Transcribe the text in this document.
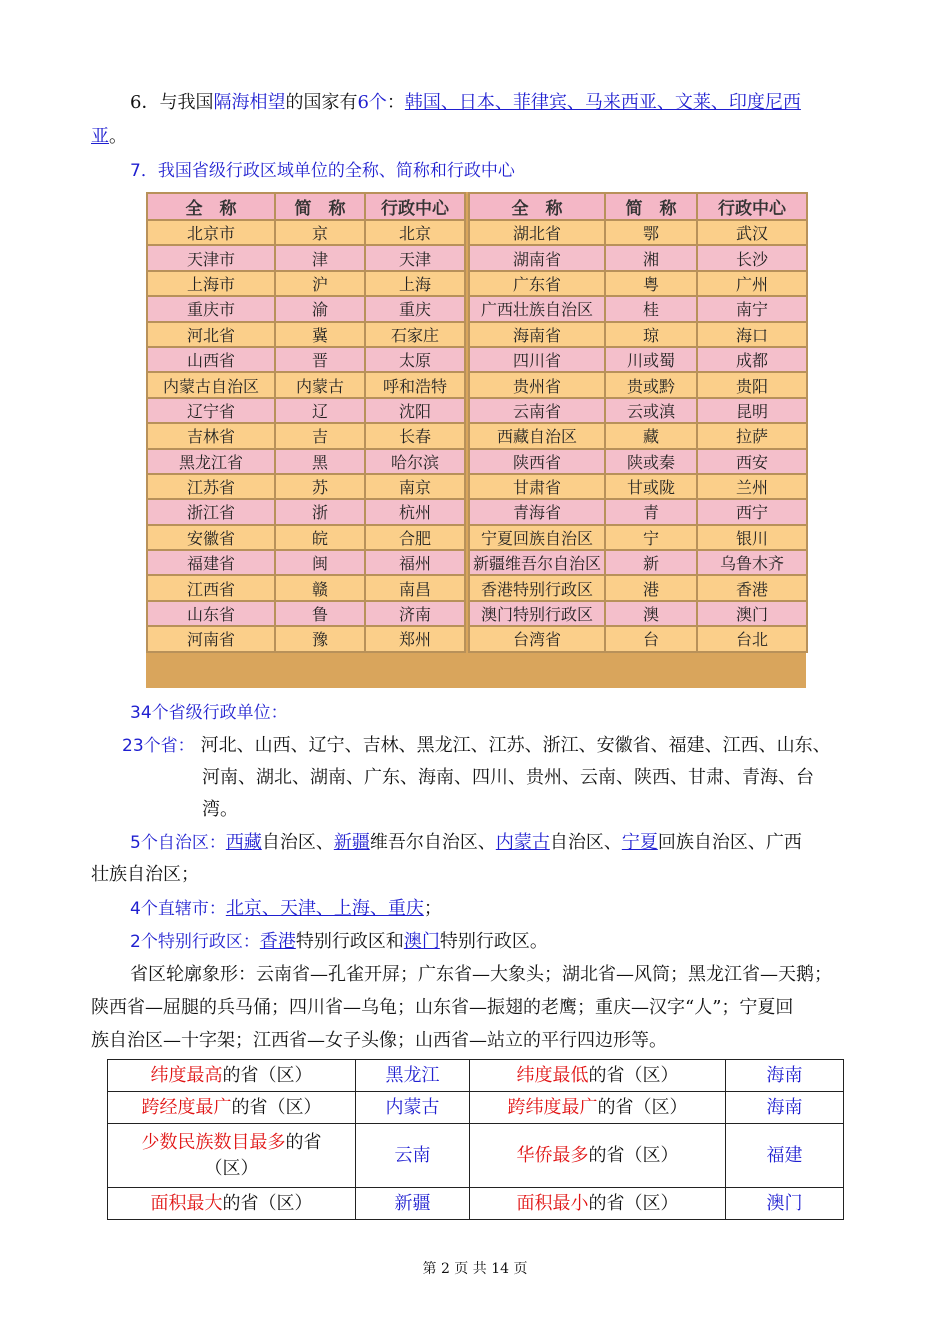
6．与我国隔海相望的国家有6个：韩国、日本、菲律宾、马来西亚、文莱、印度尼西
亚。
7．我国省级行政区域单位的全称、简称和行政中心
全　称	简　称	行政中心
北京市	京	北京
天津市	津	天津
上海市	沪	上海
重庆市	渝	重庆
河北省	冀	石家庄
山西省	晋	太原
内蒙古自治区	内蒙古	呼和浩特
辽宁省	辽	沈阳
吉林省	吉	长春
黑龙江省	黑	哈尔滨
江苏省	苏	南京
浙江省	浙	杭州
安徽省	皖	合肥
福建省	闽	福州
江西省	赣	南昌
山东省	鲁	济南
河南省	豫	郑州
全　称	简　称	行政中心
湖北省	鄂	武汉
湖南省	湘	长沙
广东省	粤	广州
广西壮族自治区	桂	南宁
海南省	琼	海口
四川省	川或蜀	成都
贵州省	贵或黔	贵阳
云南省	云或滇	昆明
西藏自治区	藏	拉萨
陕西省	陕或秦	西安
甘肃省	甘或陇	兰州
青海省	青	西宁
宁夏回族自治区	宁	银川
新疆维吾尔自治区	新	乌鲁木齐
香港特别行政区	港	香港
澳门特别行政区	澳	澳门
台湾省	台	台北
34个省级行政单位：
23个省： 河北、山西、辽宁、吉林、黑龙江、江苏、浙江、安徽省、福建、江西、山东、
河南、湖北、湖南、广东、海南、四川、贵州、云南、陕西、甘肃、青海、台
湾。
5个自治区：西藏自治区、新疆维吾尔自治区、内蒙古自治区、宁夏回族自治区、广西
壮族自治区；
4个直辖市：北京、天津、上海、重庆；
2个特别行政区：香港特别行政区和澳门特别行政区。
省区轮廓象形：云南省—孔雀开屏；广东省—大象头；湖北省—风筒；黑龙江省—天鹅；
陕西省—屈腿的兵马俑；四川省—乌龟；山东省—振翅的老鹰；重庆—汉字“人”；宁夏回
族自治区—十字架；江西省—女子头像；山西省—站立的平行四边形等。
纬度最高的省（区）	黑龙江	纬度最低的省（区）	海南
跨经度最广的省（区）	内蒙古	跨纬度最广的省（区）	海南
少数民族数目最多的省
（区）	云南	华侨最多的省（区）	福建
面积最大的省（区）	新疆	面积最小的省（区）	澳门
第 2 页 共 14 页
